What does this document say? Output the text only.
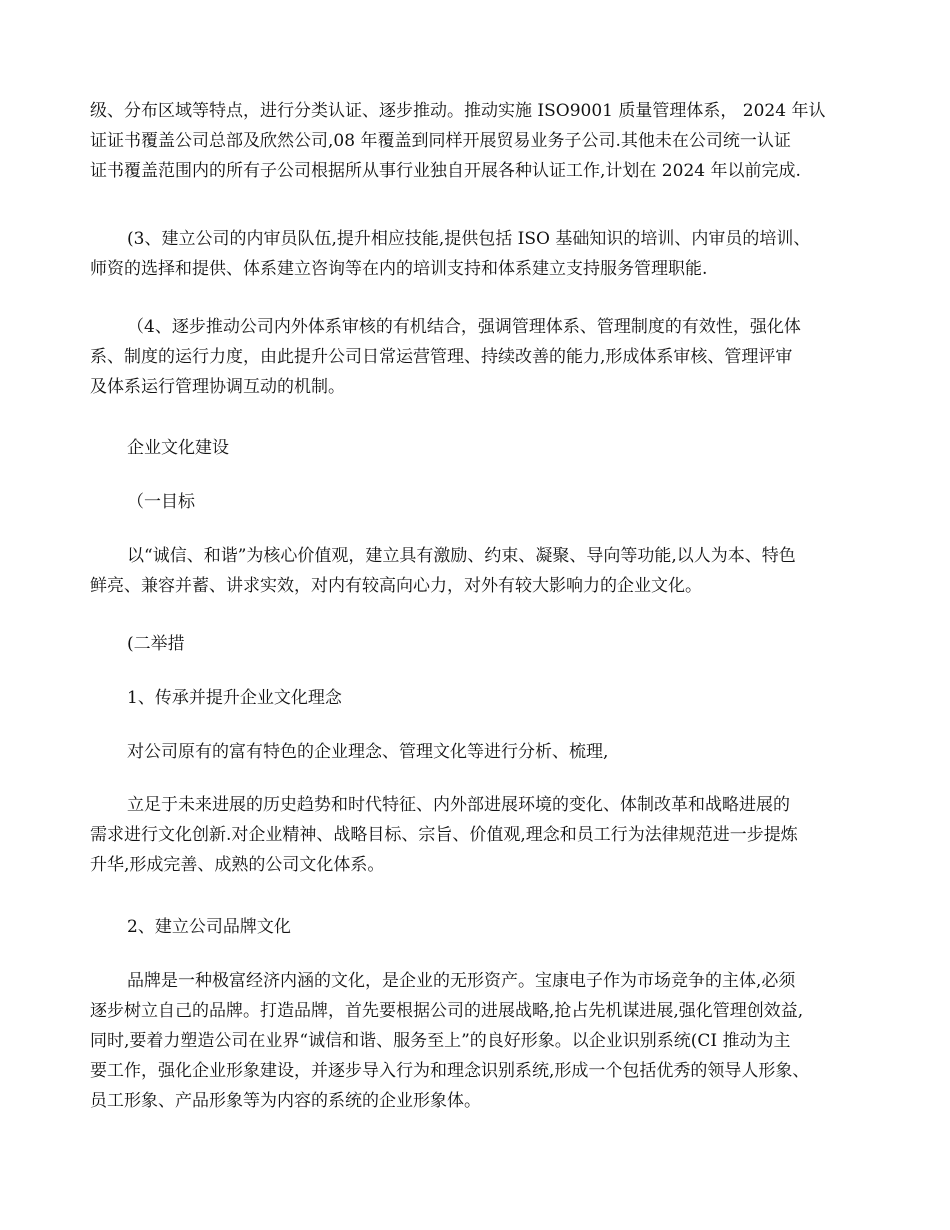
级、分布区域等特点，进行分类认证、逐步推动。推动实施 ISO9001 质量管理体系， 2024 年认
证证书覆盖公司总部及欣然公司,08 年覆盖到同样开展贸易业务子公司.其他未在公司统一认证
证书覆盖范围内的所有子公司根据所从事行业独自开展各种认证工作,计划在 2024 年以前完成.
(3、建立公司的内审员队伍,提升相应技能,提供包括 ISO 基础知识的培训、内审员的培训、
师资的选择和提供、体系建立咨询等在内的培训支持和体系建立支持服务管理职能.
（4、逐步推动公司内外体系审核的有机结合，强调管理体系、管理制度的有效性，强化体
系、制度的运行力度，由此提升公司日常运营管理、持续改善的能力,形成体系审核、管理评审
及体系运行管理协调互动的机制。
企业文化建设
（一目标
以“诚信、和谐”为核心价值观，建立具有激励、约束、凝聚、导向等功能,以人为本、特色
鲜亮、兼容并蓄、讲求实效，对内有较高向心力，对外有较大影响力的企业文化。
(二举措
1、传承并提升企业文化理念
对公司原有的富有特色的企业理念、管理文化等进行分析、梳理,
立足于未来进展的历史趋势和时代特征、内外部进展环境的变化、体制改革和战略进展的
需求进行文化创新.对企业精神、战略目标、宗旨、价值观,理念和员工行为法律规范进一步提炼
升华,形成完善、成熟的公司文化体系。
2、建立公司品牌文化
品牌是一种极富经济内涵的文化，是企业的无形资产。宝康电子作为市场竞争的主体,必须
逐步树立自己的品牌。打造品牌，首先要根据公司的进展战略,抢占先机谋进展,强化管理创效益,
同时,要着力塑造公司在业界“诚信和谐、服务至上”的良好形象。以企业识别系统(CI 推动为主
要工作，强化企业形象建设，并逐步导入行为和理念识别系统,形成一个包括优秀的领导人形象、
员工形象、产品形象等为内容的系统的企业形象体。
